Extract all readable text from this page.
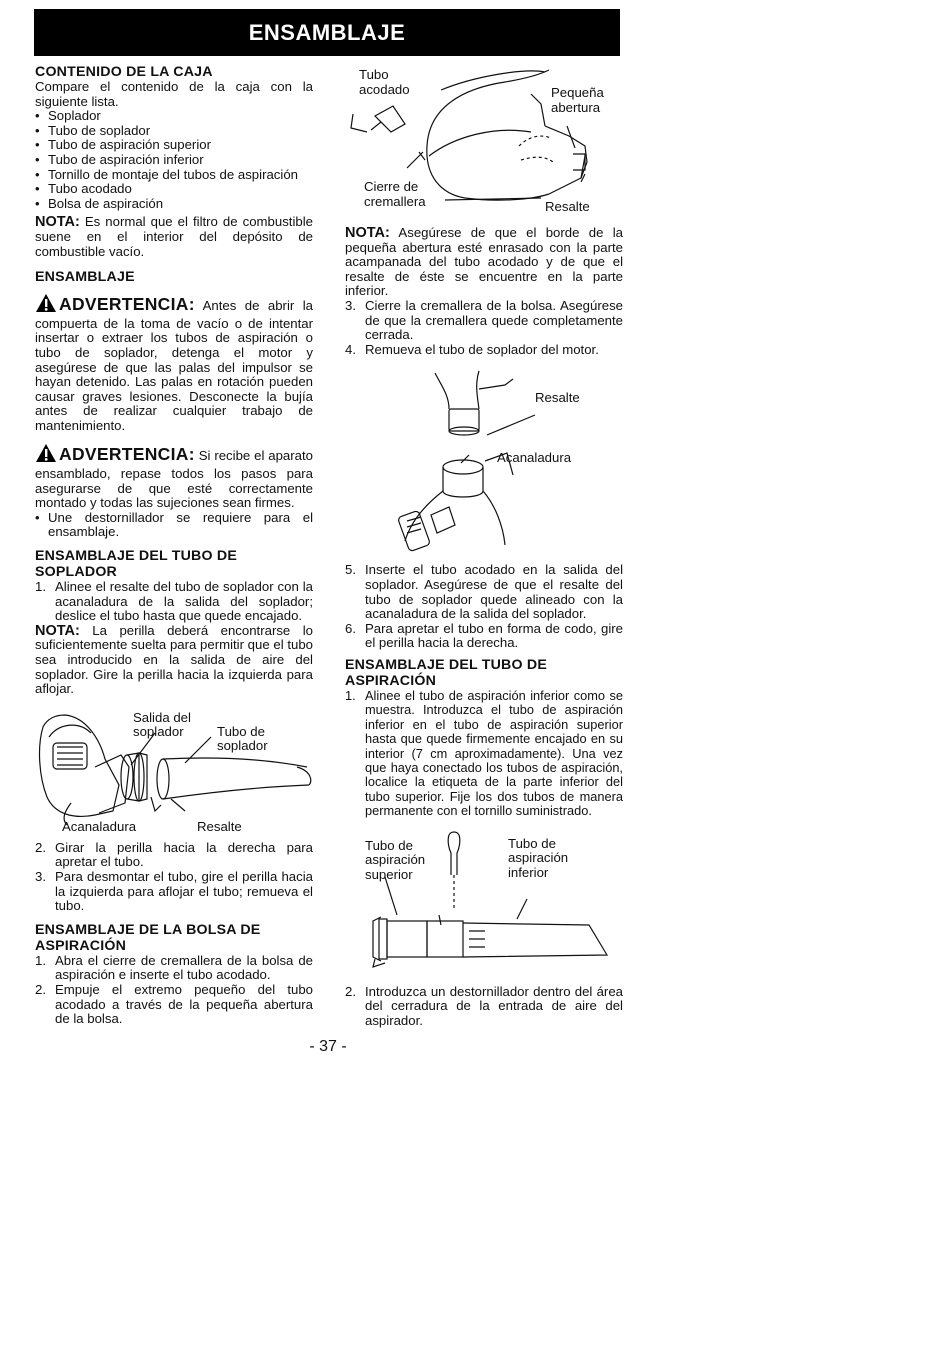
ENSAMBLAJE
CONTENIDO DE LA CAJA

Compare el contenido de la caja con la siguiente lista.

• Soplador
• Tubo de soplador
• Tubo de aspiración superior
• Tubo de aspiración inferior
• Tornillo de montaje del tubos de aspiración
• Tubo acodado
• Bolsa de aspiración

NOTA: Es normal que el filtro de combustible suene en el interior del depósito de combustible vacío.

ENSAMBLAJE

ADVERTENCIA: Antes de abrir la compuerta de la toma de vacío o de intentar insertar o extraer los tubos de aspiración o tubo de soplador, detenga el motor y asegúrese de que las palas del impulsor se hayan detenido. Las palas en rotación pueden causar graves lesiones. Desconecte la bujía antes de realizar cualquier trabajo de mantenimiento.

ADVERTENCIA: Si recibe el aparato ensamblado, repase todos los pasos para asegurarse de que esté correctamente montado y todas las sujeciones sean firmes.

• Une destornillador se requiere para el ensamblaje.
ENSAMBLAJE DEL TUBO DE SOPLADOR
1. Alinee el resalte del tubo de soplador con la acanaladura de la salida del soplador; deslice el tubo hasta que quede encajado.

NOTA: La perilla deberá encontrarse lo suficientemente suelta para permitir que el tubo sea introducido en la salida de aire del soplador. Gire la perilla hacia la izquierda para aflojar.

Salida del
soplador	Tubo de
soplador
Acanaladura	Resalte
2. Girar la perilla hacia la derecha para apretar el tubo.
3. Para desmontar el tubo, gire el perilla hacia la izquierda para aflojar el tubo; remueva el tubo.
ENSAMBLAJE DE LA BOLSA DE ASPIRACIÓN
1. Abra el cierre de cremallera de la bolsa de aspiración e inserte el tubo acodado.
2. Empuje el extremo pequeño del tubo acodado a través de la pequeña abertura de la bolsa.
Tubo
acodado	Pequeña
abertura
Cierre de
cremallera	Resalte

NOTA: Asegúrese de que el borde de la pequeña abertura esté enrasado con la parte acampanada del tubo acodado y de que el resalte de éste se encuentre en la parte inferior.

3. Cierre la cremallera de la bolsa. Asegúrese de que la cremallera quede completamente cerrada.
4. Remueva el tubo de soplador del motor.
Resalte
Acanaladura
5. Inserte el tubo acodado en la salida del soplador. Asegúrese de que el resalte del tubo de soplador quede alineado con la acanaladura de la salida del soplador.
6. Para apretar el tubo en forma de codo, gire el perilla hacia la derecha.
ENSAMBLAJE DEL TUBO DE ASPIRACIÓN
1. Alinee el tubo de aspiración inferior como se muestra. Introduzca el tubo de aspiración inferior en el tubo de aspiración superior hasta que quede firmemente encajado en su interior (7 cm aproximadamente). Una vez que haya conectado los tubos de aspiración, localice la etiqueta de la parte inferior del tubo superior. Fije los dos tubos de manera permanente con el tornillo suministrado.
Tubo de
aspiración
superior
Tubo de
aspiración
inferior
2. Introduzca un destornillador dentro del área del cerradura de la entrada de aire del aspirador.
- 37 -
